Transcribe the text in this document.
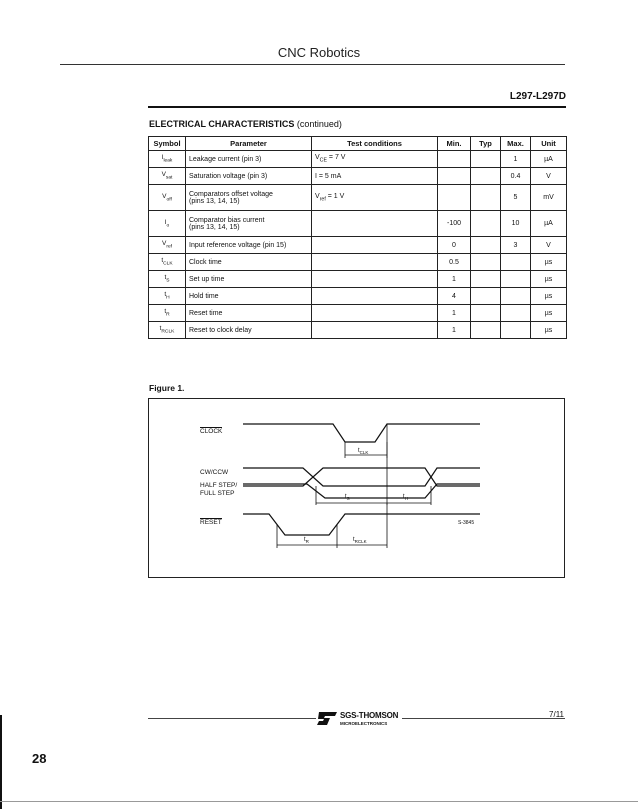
CNC Robotics
L297-L297D
ELECTRICAL CHARACTERISTICS (continued)
Symbol	Parameter	Test conditions	Min.	Typ	Max.	Unit
$I_{leak}$	Leakage current (pin 3)	$V_{CE} = 7$ V			1	µA
$V_{sat}$	Saturation voltage (pin 3)	I = 5 mA			0.4	V
$V_{off}$	Comparators offset voltage
(pins 13, 14, 15)	$V_{ref} = 1$ V			5	mV
$I_o$	Comparator bias current
(pins 13, 14, 15)		-100		10	µA
$V_{ref}$	Input reference voltage (pin 15)		0		3	V
$t_{CLK}$	Clock time		0.5			µs
$t_S$	Set up time		1			µs
$t_H$	Hold time		4			µs
$t_R$	Reset time		1			µs
$t_{RCLK}$	Reset to clock delay		1			µs
Figure 1.
CLOCK
CW/CCW
HALF STEP/
FULL STEP
RESET
$t_{CLK}$
$t_S$	$t_H$
$t_R$	$t_{RCLK}$
S-3845
SGS-THOMSON
MICROELECTRONICS
7/11
28
